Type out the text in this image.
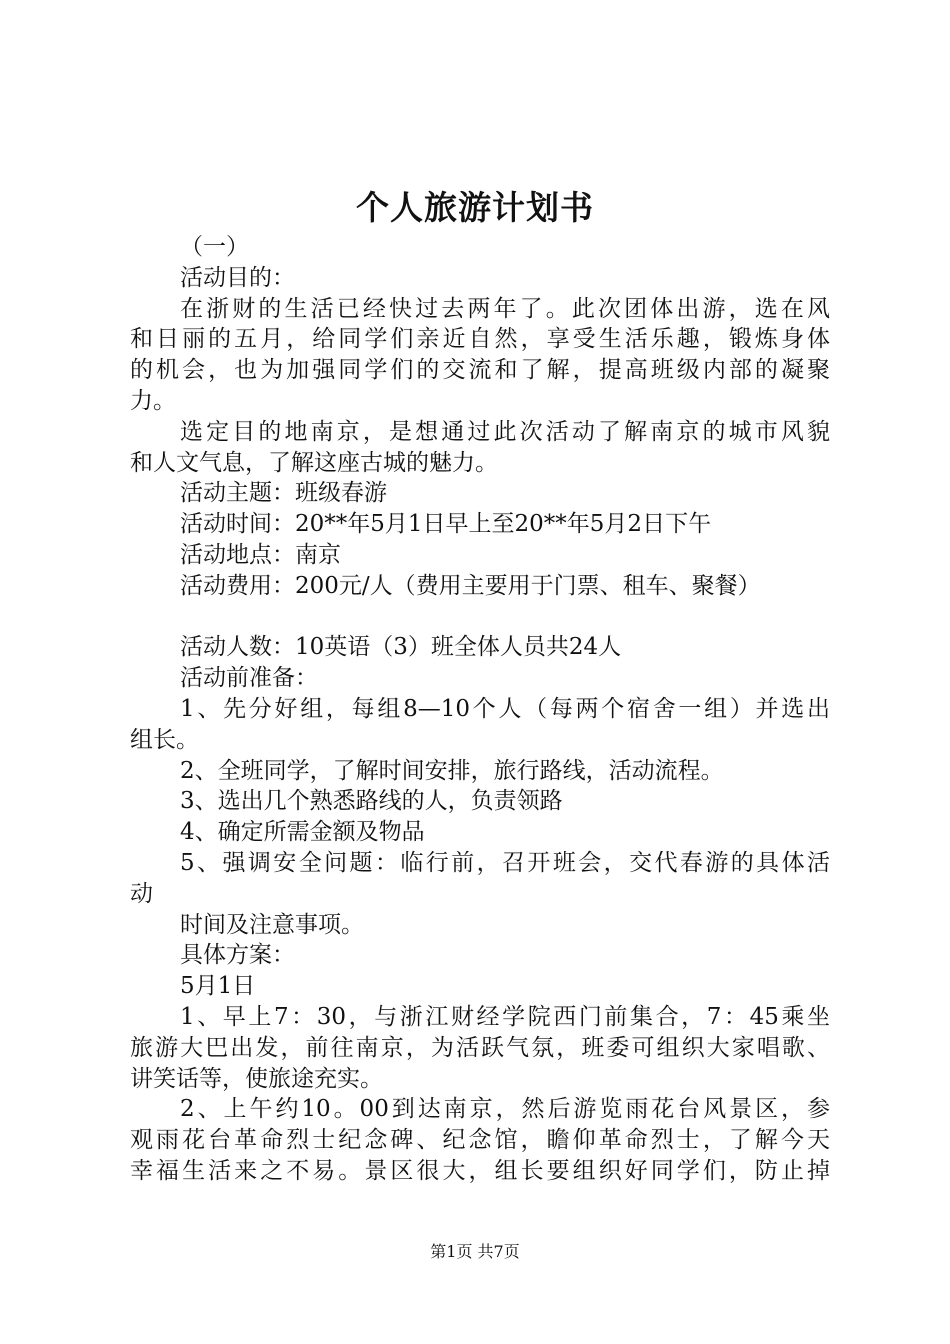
个人旅游计划书
（一）
活动目的：
在浙财的生活已经快过去两年了。此次团体出游，选在风
和日丽的五月，给同学们亲近自然，享受生活乐趣，锻炼身体
的机会，也为加强同学们的交流和了解，提高班级内部的凝聚
力。
选定目的地南京，是想通过此次活动了解南京的城市风貌
和人文气息，了解这座古城的魅力。
活动主题：班级春游
活动时间：20**年5月1日早上至20**年5月2日下午
活动地点：南京
活动费用：200元/人（费用主要用于门票、租车、聚餐）
活动人数：10英语（3）班全体人员共24人
活动前准备：
1、先分好组，每组8—10个人（每两个宿舍一组）并选出
组长。
2、全班同学，了解时间安排，旅行路线，活动流程。
3、选出几个熟悉路线的人，负责领路
4、确定所需金额及物品
5、强调安全问题：临行前，召开班会，交代春游的具体活
动
时间及注意事项。
具体方案：
5月1日
1、早上7：30，与浙江财经学院西门前集合，7：45乘坐
旅游大巴出发，前往南京，为活跃气氛，班委可组织大家唱歌、
讲笑话等，使旅途充实。
2、上午约10。00到达南京，然后游览雨花台风景区，参
观雨花台革命烈士纪念碑、纪念馆，瞻仰革命烈士，了解今天
幸福生活来之不易。景区很大，组长要组织好同学们，防止掉
第1页 共7页
